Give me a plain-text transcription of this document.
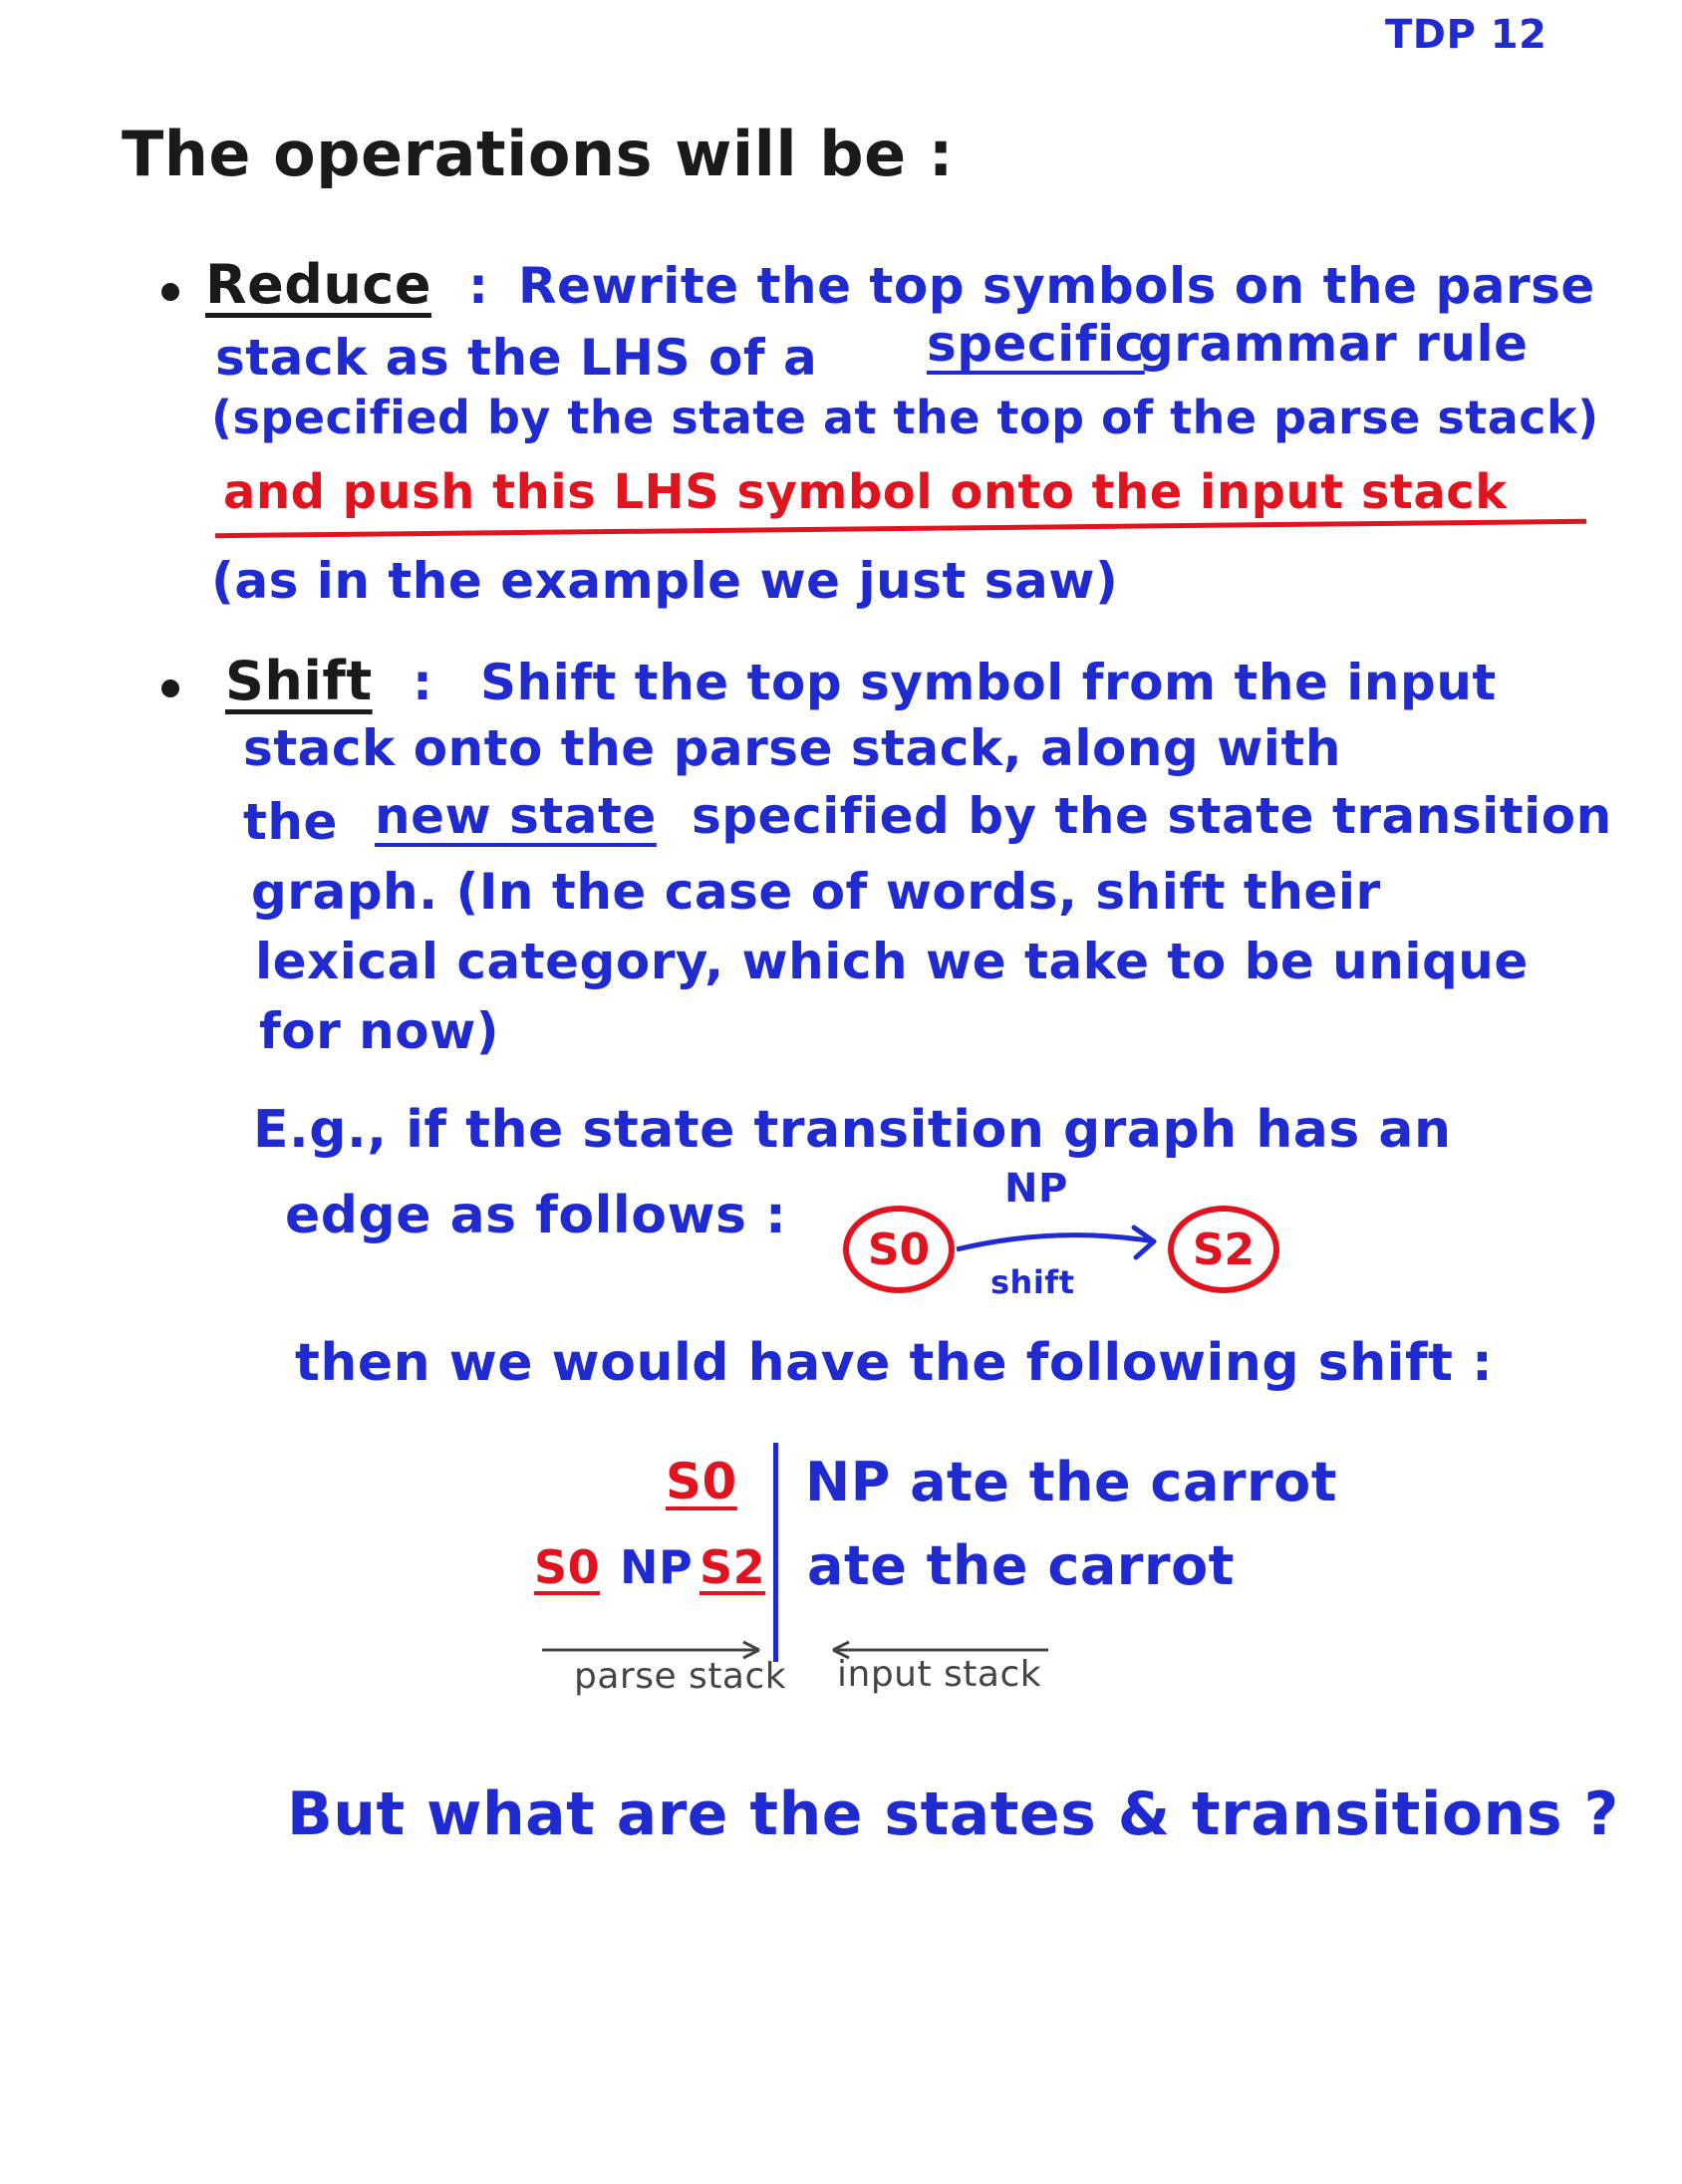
TDP 12
The operations will be :
Reduce : Rewrite the top symbols on the parse
stack as the LHS of a specific
grammar rule
(specified by the state at the top of the parse stack)
and push this LHS symbol onto the input stack
(as in the example we just saw)
Shift : Shift the top symbol from the input
stack onto the parse stack, along with
the new state specified by the state transition
graph. (In the case of words, shift their
lexical category, which we take to be unique
for now)
E.g., if the state transition graph has an
edge as follows :
S0	S2
NP
shift
then we would have the following shift :
S0 NP ate the carrot
S0 NP S2 ate the carrot
parse stack input stack
But what are the states & transitions ?
